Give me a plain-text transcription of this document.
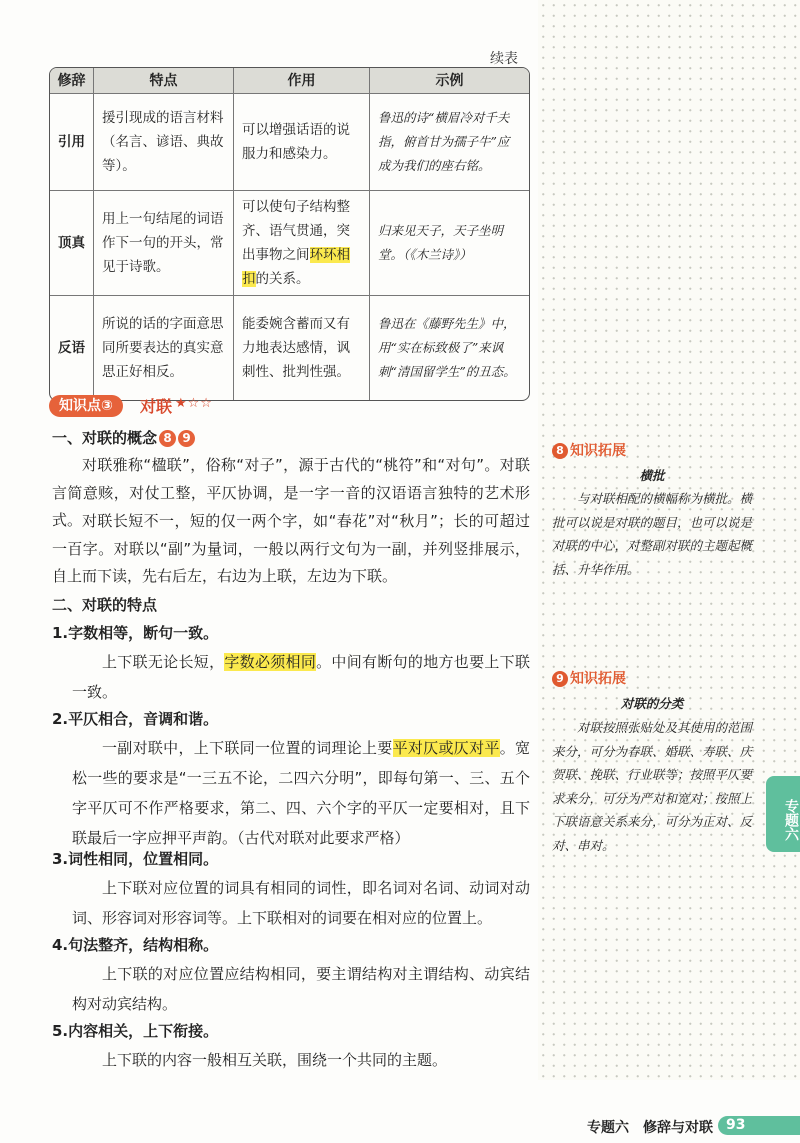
续表
修辞	特点	作用	示例
引用	援引现成的语言材料（名言、谚语、典故等）。	可以增强话语的说服力和感染力。	鲁迅的诗“横眉冷对千夫指，俯首甘为孺子牛”应成为我们的座右铭。
顶真	用上一句结尾的词语作下一句的开头，常见于诗歌。	可以使句子结构整齐、语气贯通，突出事物之间环环相扣的关系。	归来见天子，天子坐明堂。（《木兰诗》）
反语	所说的话的字面意思同所要表达的真实意思正好相反。	能委婉含蓄而又有力地表达感情，讽刺性、批判性强。	鲁迅在《藤野先生》中，用“实在标致极了”来讽刺“清国留学生”的丑态。
知识点③	对联 ★☆☆
一、对联的概念 8 9
对联雅称“楹联”，俗称“对子”，源于古代的“桃符”和“对句”。对联言简意赅，对仗工整，平仄协调，是一字一音的汉语语言独特的艺术形式。 对联长短不一，短的仅一两个字，如“春花”对“秋月”；长的可超过一百字。对联以“副”为量词，一般以两行文句为一副，并列竖排展示，自上而下读，先右后左，右边为上联，左边为下联。
二、对联的特点
1.字数相等，断句一致。
上下联无论长短，字数必须相同。中间有断句的地方也要上下联一致。
2.平仄相合，音调和谐。
一副对联中，上下联同一位置的词理论上要平对仄或仄对平。宽松一些的要求是“一三五不论，二四六分明”，即每句第一、三、五个字平仄可不作严格要求，第二、四、六个字的平仄一定要相对，且下联最后一字应押平声韵。（古代对联对此要求严格）
3.词性相同，位置相同。
上下联对应位置的词具有相同的词性，即名词对名词、动词对动词、形容词对形容词等。上下联相对的词要在相对应的位置上。
4.句法整齐，结构相称。
上下联的对应位置应结构相同，要主谓结构对主谓结构、动宾结构对动宾结构。
5.内容相关，上下衔接。
上下联的内容一般相互关联，围绕一个共同的主题。
8 知识拓展
横批
与对联相配的横幅称为横批。横批可以说是对联的题目，也可以说是对联的中心，对整副对联的主题起概括、升华作用。
9 知识拓展
对联的分类
对联按照张贴处及其使用的范围来分，可分为春联、婚联、寿联、庆贺联、挽联、行业联等；按照平仄要求来分，可分为严对和宽对；按照上下联语意关系来分，可分为正对、反对、串对。
专题六
专题六　修辞与对联 93
